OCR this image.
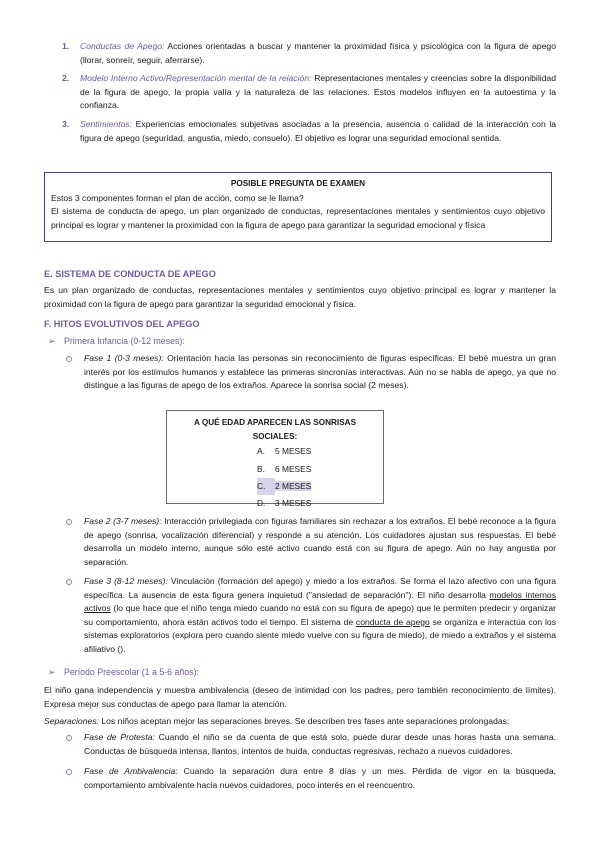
1. Conductas de Apego: Acciones orientadas a buscar y mantener la proximidad física y psicológica con la figura de apego (llorar, sonreír, seguir, aferrarse).
2. Modelo Interno Activo/Representación mental de la relación: Representaciones mentales y creencias sobre la disponibilidad de la figura de apego, la propia valía y la naturaleza de las relaciones. Estos modelos influyen en la autoestima y la confianza.
3. Sentimientos: Experiencias emocionales subjetivas asociadas a la presencia, ausencia o calidad de la interacción con la figura de apego (seguridad, angustia, miedo, consuelo). El objetivo es lograr una seguridad emocional sentida.
POSIBLE PREGUNTA DE EXAMEN
Estos 3 componentes forman el plan de acción, como se le llama?
El sistema de conducta de apego, un plan organizado de conductas, representaciones mentales y sentimientos cuyo objetivo principal es lograr y mantener la proximidad con la figura de apego para garantizar la seguridad emocional y física
E. SISTEMA DE CONDUCTA DE APEGO
Es un plan organizado de conductas, representaciones mentales y sentimientos cuyo objetivo principal es lograr y mantener la proximidad con la figura de apego para garantizar la seguridad emocional y física.
F. HITOS EVOLUTIVOS DEL APEGO
➢ Primera Infancia (0-12 meses):
Fase 1 (0-3 meses): Orientación hacia las personas sin reconocimiento de figuras específicas. El bebé muestra un gran interés por los estímulos humanos y establece las primeras sincronías interactivas. Aún no se habla de apego, ya que no distingue a las figuras de apego de los extraños. Aparece la sonrisa social (2 meses).
A QUÉ EDAD APARECEN LAS SONRISAS SOCIALES:
A. 5 MESES
B. 6 MESES
C. 2 MESES
D. 3 MESES
Fase 2 (3-7 meses): Interacción privilegiada con figuras familiares sin rechazar a los extraños. El bebé reconoce a la figura de apego (sonrisa, vocalización diferencial) y responde a su atención. Los cuidadores ajustan sus respuestas. El bebé desarrolla un modelo interno, aunque sólo esté activo cuando está con su figura de apego. Aún no hay angustia por separación.
Fase 3 (8-12 meses): Vinculación (formación del apego) y miedo a los extraños. Se forma el lazo afectivo con una figura específica. La ausencia de esta figura genera inquietud ("ansiedad de separación"). El niño desarrolla modelos internos activos (lo que hace que el niño tenga miedo cuando no está con su figura de apego) que le permiten predecir y organizar su comportamiento, ahora están activos todo el tiempo. El sistema de conducta de apego se organiza e interactúa con los sistemas exploratorios (explora pero cuando siente miedo vuelve con su figura de miedo), de miedo a extraños y el sistema afiliativo ().
➢ Período Preescolar (1 a 5-6 años):
El niño gana independencia y muestra ambivalencia (deseo de intimidad con los padres, pero también reconocimiento de límites). Expresa mejor sus conductas de apego para llamar la atención.
Separaciones: Los niños aceptan mejor las separaciones breves. Se describen tres fases ante separaciones prolongadas:
Fase de Protesta: Cuando el niño se da cuenta de que está solo, puede durar desde unas horas hasta una semana. Conductas de búsqueda intensa, llantos, intentos de huida, conductas regresivas, rechazo a nuevos cuidadores.
Fase de Ambivalencia: Cuando la separación dura entre 8 días y un mes. Pérdida de vigor en la búsqueda, comportamiento ambivalente hacia nuevos cuidadores, poco interés en el reencuentro.
